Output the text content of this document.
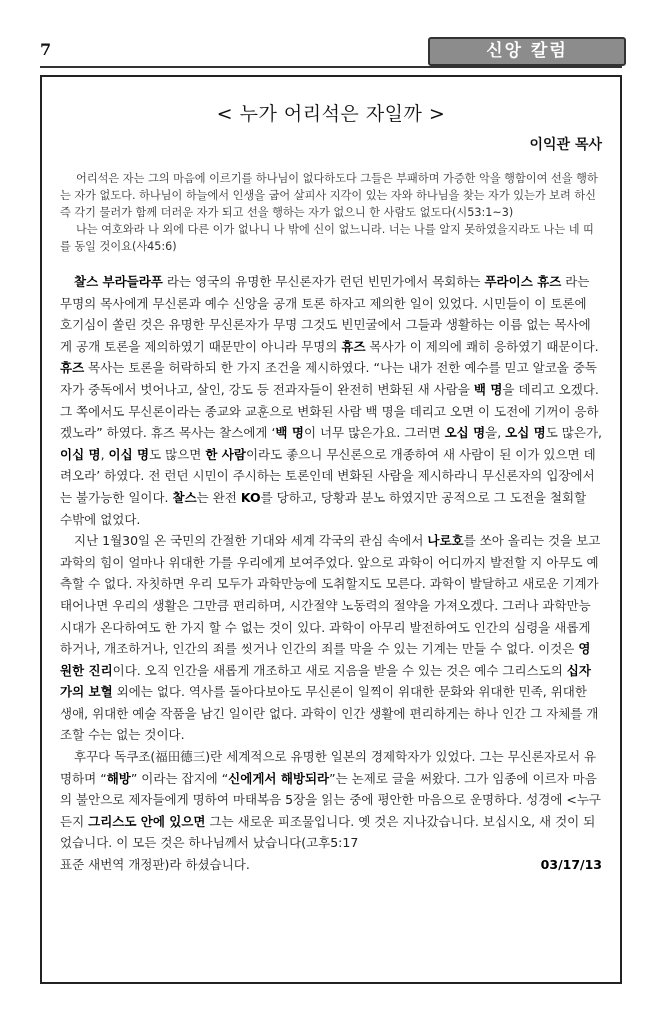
7	신앙 칼럼
< 누가 어리석은 자일까 >
이익관 목사

어리석은 자는 그의 마음에 이르기를 하나님이 없다하도다 그들은 부패하며 가증한 악을 행함이여 선을 행하는 자가 없도다. 하나님이 하늘에서 인생을 굽어 살피사 지각이 있는 자와 하나님을 찾는 자가 있는가 보려 하신즉 각기 물러가 함께 더러운 자가 되고 선을 행하는 자가 없으니 한 사람도 없도다(시53:1~3)

나는 여호와라 나 외에 다른 이가 없나니 나 밖에 신이 없느니라. 너는 나를 알지 못하였을지라도 나는 네 띠를 동일 것이요(사45:6)

찰스 부라들라푸 라는 영국의 유명한 무신론자가 런던 빈민가에서 목회하는 푸라이스 휴즈 라는 무명의 목사에게 무신론과 예수 신앙을 공개 토론 하자고 제의한 일이 있었다. 시민들이 이 토론에 호기심이 쏠린 것은 유명한 무신론자가 무명 그것도 빈민굴에서 그들과 생활하는 이름 없는 목사에게 공개 토론을 제의하였기 때문만이 아니라 무명의 휴즈 목사가 이 제의에 쾌히 응하였기 때문이다. 휴즈 목사는 토론을 허락하되 한 가지 조건을 제시하였다. “나는 내가 전한 예수를 믿고 알코올 중독자가 중독에서 벗어나고, 살인, 강도 등 전과자들이 완전히 변화된 새 사람을 백 명을 데리고 오겠다. 그 쪽에서도 무신론이라는 종교와 교훈으로 변화된 사람 백 명을 데리고 오면 이 도전에 기꺼이 응하겠노라” 하였다. 휴즈 목사는 찰스에게 ‘백 명이 너무 많은가요. 그러면 오십 명을, 오십 명도 많은가, 이십 명, 이십 명도 많으면 한 사람이라도 좋으니 무신론으로 개종하여 새 사람이 된 이가 있으면 데려오라’ 하였다. 전 런던 시민이 주시하는 토론인데 변화된 사람을 제시하라니 무신론자의 입장에서는 불가능한 일이다. 찰스는 완전 KO를 당하고, 당황과 분노 하였지만 공적으로 그 도전을 철회할 수밖에 없었다.

지난 1월30일 온 국민의 간절한 기대와 세계 각국의 관심 속에서 나로호를 쏘아 올리는 것을 보고 과학의 힘이 얼마나 위대한 가를 우리에게 보여주었다. 앞으로 과학이 어디까지 발전할 지 아무도 예측할 수 없다. 자칫하면 우리 모두가 과학만능에 도취할지도 모른다. 과학이 발달하고 새로운 기계가 태어나면 우리의 생활은 그만큼 편리하며, 시간절약 노동력의 절약을 가져오겠다. 그러나 과학만능 시대가 온다하여도 한 가지 할 수 없는 것이 있다. 과학이 아무리 발전하여도 인간의 심령을 새롭게 하거나, 개조하거나, 인간의 죄를 씻거나 인간의 죄를 막을 수 있는 기계는 만들 수 없다. 이것은 영원한 진리이다. 오직 인간을 새롭게 개조하고 새로 지음을 받을 수 있는 것은 예수 그리스도의 십자가의 보혈 외에는 없다. 역사를 돌아다보아도 무신론이 일찍이 위대한 문화와 위대한 민족, 위대한 생애, 위대한 예술 작품을 남긴 일이란 없다. 과학이 인간 생활에 편리하게는 하나 인간 그 자체를 개조할 수는 없는 것이다.

후꾸다 독쿠조(福田德三)란 세계적으로 유명한 일본의 경제학자가 있었다. 그는 무신론자로서 유명하며 “해방” 이라는 잡지에 “신에게서 해방되라”는 논제로 글을 써왔다. 그가 임종에 이르자 마음의 불안으로 제자들에게 명하여 마태복음 5장을 읽는 중에 평안한 마음으로 운명하다. 성경에 <누구든지 그리스도 안에 있으면 그는 새로운 피조물입니다. 옛 것은 지나갔습니다. 보십시오, 새 것이 되었습니다. 이 모든 것은 하나님께서 났습니다(고후5:17

표준 새번역 개정판)라 하셨습니다.	03/17/13
